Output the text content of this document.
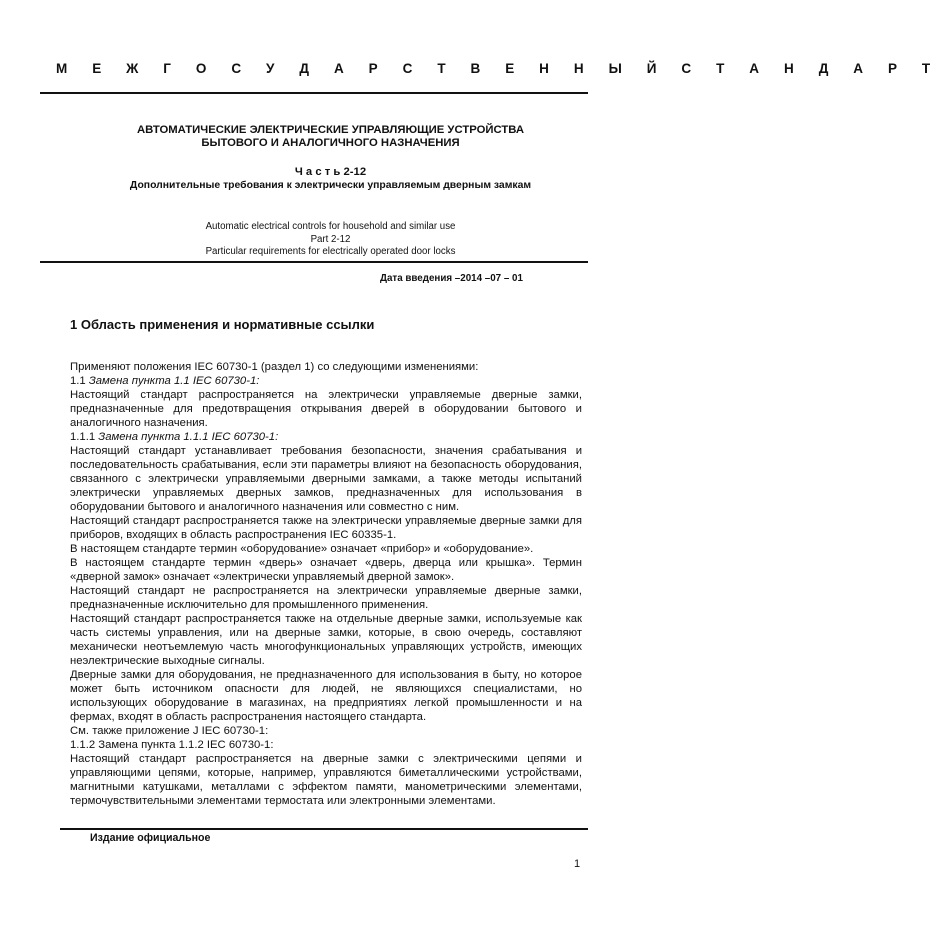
М Е Ж Г О С У Д А Р С Т В Е Н Н Ы Й С Т А Н Д А Р Т
АВТОМАТИЧЕСКИЕ ЭЛЕКТРИЧЕСКИЕ УПРАВЛЯЮЩИЕ УСТРОЙСТВА
БЫТОВОГО И АНАЛОГИЧНОГО НАЗНАЧЕНИЯ
Ч а с т ь 2-12
Дополнительные требования к электрически управляемым дверным замкам
Automatic electrical controls for household and similar use
Part 2-12
Particular requirements for electrically operated door locks
Дата введения –2014 –07 – 01
1 Область применения и нормативные ссылки

Применяют положения IEC 60730-1 (раздел 1) со следующими изменениями:

1.1 Замена пункта 1.1 IEC 60730-1:

Настоящий стандарт распространяется на электрически управляемые дверные замки, предназначенные для предотвращения открывания дверей в оборудовании бытового и аналогичного назначения.

1.1.1 Замена пункта 1.1.1 IEC 60730-1:

Настоящий стандарт устанавливает требования безопасности, значения срабатывания и последовательность срабатывания, если эти параметры влияют на безопасность оборудования, связанного с электрически управляемыми дверными замками, а также методы испытаний электрически управляемых дверных замков, предназначенных для использования в оборудовании бытового и аналогичного назначения или совместно с ним.

Настоящий стандарт распространяется также на электрически управляемые дверные замки для приборов, входящих в область распространения IEC 60335-1.

В настоящем стандарте термин «оборудование» означает «прибор» и «оборудование».

В настоящем стандарте термин «дверь» означает «дверь, дверца или крышка». Термин «дверной замок» означает «электрически управляемый дверной замок».

Настоящий стандарт не распространяется на электрически управляемые дверные замки, предназначенные исключительно для промышленного применения.

Настоящий стандарт распространяется также на отдельные дверные замки, используемые как часть системы управления, или на дверные замки, которые, в свою очередь, составляют механически неотъемлемую часть многофункциональных управляющих устройств, имеющих неэлектрические выходные сигналы.

Дверные замки для оборудования, не предназначенного для использования в быту, но которое может быть источником опасности для людей, не являющихся специалистами, но использующих оборудование в магазинах, на предприятиях легкой промышленности и на фермах, входят в область распространения настоящего стандарта.

См. также приложение J IEC 60730-1:

1.1.2 Замена пункта 1.1.2 IEC 60730-1:

Настоящий стандарт распространяется на дверные замки с электрическими цепями и управляющими цепями, которые, например, управляются биметаллическими устройствами, магнитными катушками, металлами с эффектом памяти, манометрическими элементами, термочувствительными элементами термостата или электронными элементами.

Издание официальное
1
